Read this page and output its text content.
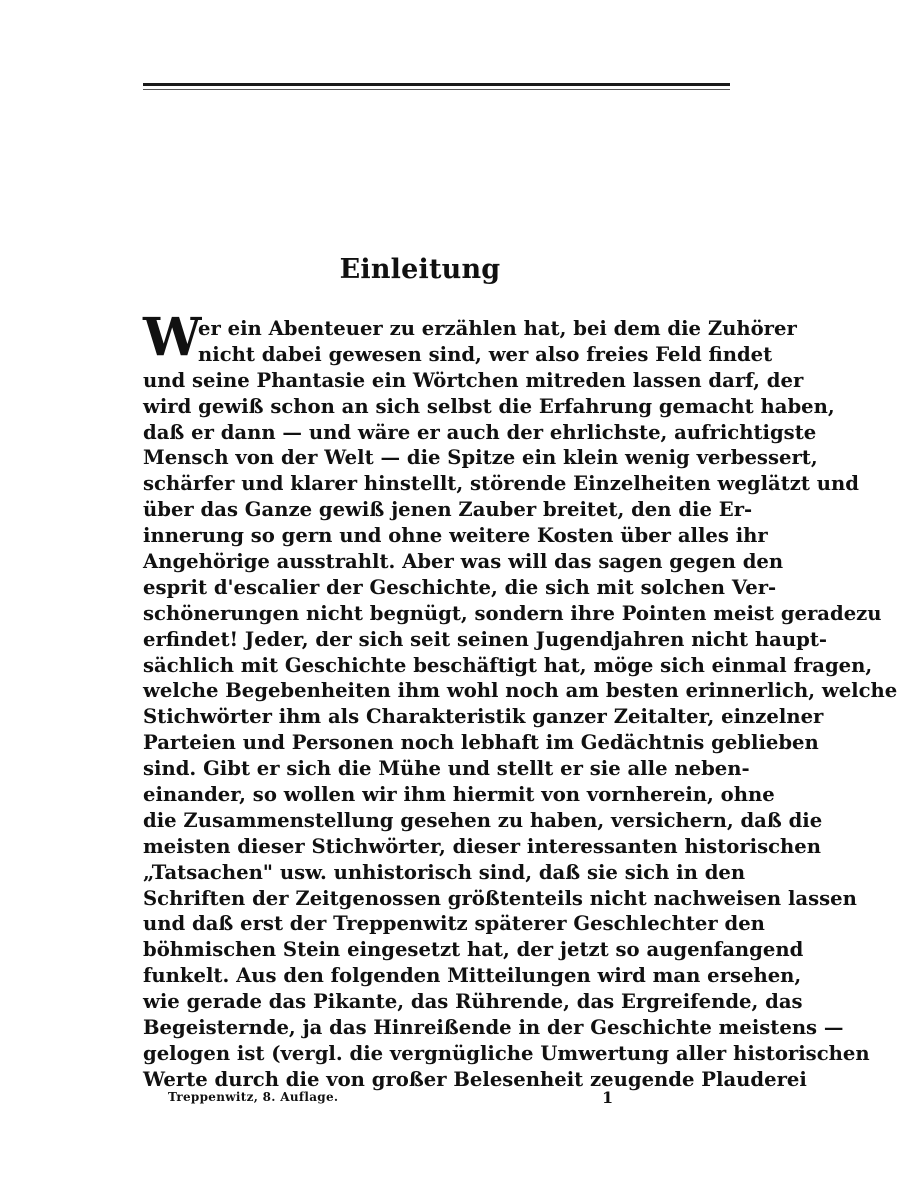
Einleitung
W
er ein Abenteuer zu erzählen hat, bei dem die Zuhörer
nicht dabei gewesen sind, wer also freies Feld findet
und seine Phantasie ein Wörtchen mitreden lassen darf, der
wird gewiß schon an sich selbst die Erfahrung gemacht haben,
daß er dann — und wäre er auch der ehrlichste, aufrichtigste
Mensch von der Welt — die Spitze ein klein wenig verbessert,
schärfer und klarer hinstellt, störende Einzelheiten weglätzt und
über das Ganze gewiß jenen Zauber breitet, den die Er-
innerung so gern und ohne weitere Kosten über alles ihr
Angehörige ausstrahlt. Aber was will das sagen gegen den
esprit d'escalier der Geschichte, die sich mit solchen Ver-
schönerungen nicht begnügt, sondern ihre Pointen meist geradezu
erfindet! Jeder, der sich seit seinen Jugendjahren nicht haupt-
sächlich mit Geschichte beschäftigt hat, möge sich einmal fragen,
welche Begebenheiten ihm wohl noch am besten erinnerlich, welche
Stichwörter ihm als Charakteristik ganzer Zeitalter, einzelner
Parteien und Personen noch lebhaft im Gedächtnis geblieben
sind. Gibt er sich die Mühe und stellt er sie alle neben-
einander, so wollen wir ihm hiermit von vornherein, ohne
die Zusammenstellung gesehen zu haben, versichern, daß die
meisten dieser Stichwörter, dieser interessanten historischen
„Tatsachen" usw. unhistorisch sind, daß sie sich in den
Schriften der Zeitgenossen größtenteils nicht nachweisen lassen
und daß erst der Treppenwitz späterer Geschlechter den
böhmischen Stein eingesetzt hat, der jetzt so augenfangend
funkelt. Aus den folgenden Mitteilungen wird man ersehen,
wie gerade das Pikante, das Rührende, das Ergreifende, das
Begeisternde, ja das Hinreißende in der Geschichte meistens —
gelogen ist (vergl. die vergnügliche Umwertung aller historischen
Werte durch die von großer Belesenheit zeugende Plauderei
Treppenwitz, 8. Auflage.	1
